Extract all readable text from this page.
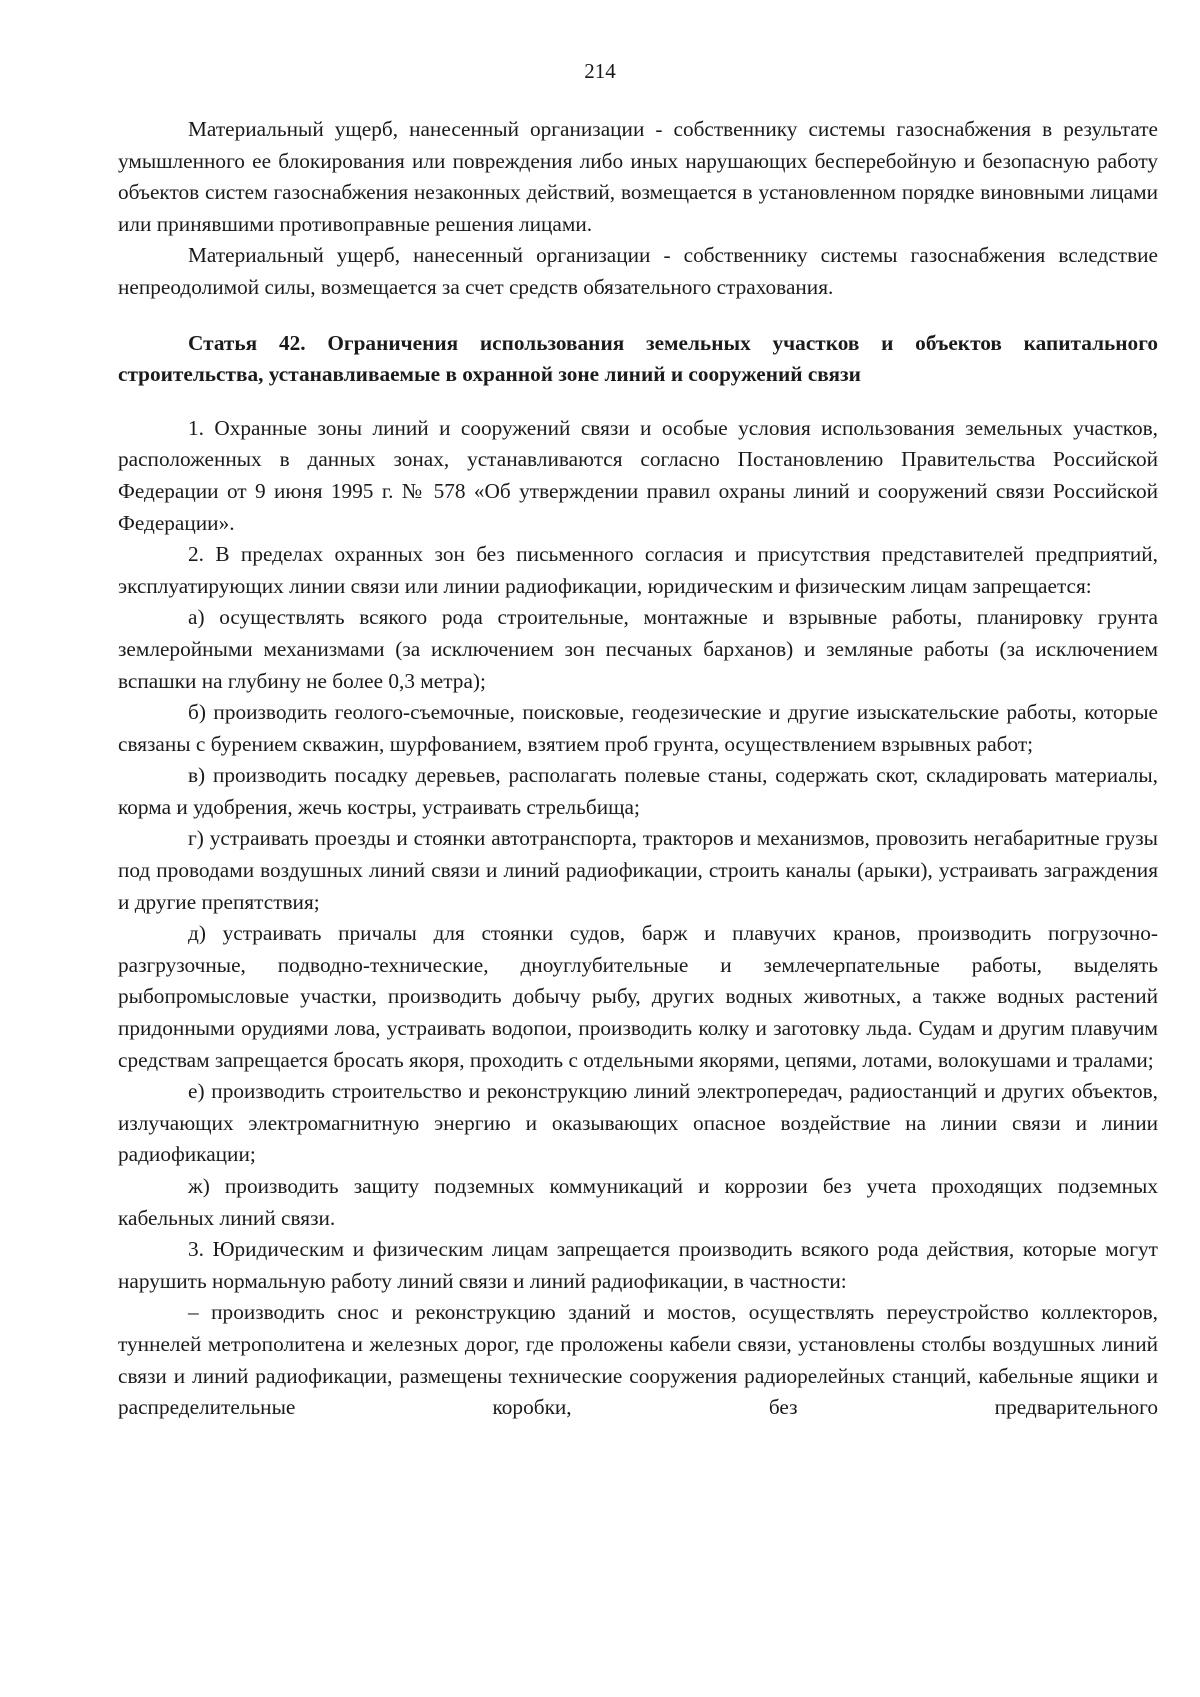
214

Материальный ущерб, нанесенный организации - собственнику системы газоснабжения в результате умышленного ее блокирования или повреждения либо иных нарушающих бесперебойную и безопасную работу объектов систем газоснабжения незаконных действий, возмещается в установленном порядке виновными лицами или принявшими противоправные решения лицами.

Материальный ущерб, нанесенный организации - собственнику системы газоснабжения вследствие непреодолимой силы, возмещается за счет средств обязательного страхования.

Статья 42. Ограничения использования земельных участков и объектов капитального строительства, устанавливаемые в охранной зоне линий и сооружений связи

1. Охранные зоны линий и сооружений связи и особые условия использования земельных участков, расположенных в данных зонах, устанавливаются согласно Постановлению Правительства Российской Федерации от 9 июня 1995 г. № 578 «Об утверждении правил охраны линий и сооружений связи Российской Федерации».

2. В пределах охранных зон без письменного согласия и присутствия представителей предприятий, эксплуатирующих линии связи или линии радиофикации, юридическим и физическим лицам запрещается:

а) осуществлять всякого рода строительные, монтажные и взрывные работы, планировку грунта землеройными механизмами (за исключением зон песчаных барханов) и земляные работы (за исключением вспашки на глубину не более 0,3 метра);

б) производить геолого-съемочные, поисковые, геодезические и другие изыскательские работы, которые связаны с бурением скважин, шурфованием, взятием проб грунта, осуществлением взрывных работ;

в) производить посадку деревьев, располагать полевые станы, содержать скот, складировать материалы, корма и удобрения, жечь костры, устраивать стрельбища;

г) устраивать проезды и стоянки автотранспорта, тракторов и механизмов, провозить негабаритные грузы под проводами воздушных линий связи и линий радиофикации, строить каналы (арыки), устраивать заграждения и другие препятствия;

д) устраивать причалы для стоянки судов, барж и плавучих кранов, производить погрузочно-разгрузочные, подводно-технические, дноуглубительные и землечерпательные работы, выделять рыбопромысловые участки, производить добычу рыбу, других водных животных, а также водных растений придонными орудиями лова, устраивать водопои, производить колку и заготовку льда. Судам и другим плавучим средствам запрещается бросать якоря, проходить с отдельными якорями, цепями, лотами, волокушами и тралами;

е) производить строительство и реконструкцию линий электропередач, радиостанций и других объектов, излучающих электромагнитную энергию и оказывающих опасное воздействие на линии связи и линии радиофикации;

ж) производить защиту подземных коммуникаций и коррозии без учета проходящих подземных кабельных линий связи.

3. Юридическим и физическим лицам запрещается производить всякого рода действия, которые могут нарушить нормальную работу линий связи и линий радиофикации, в частности:

– производить снос и реконструкцию зданий и мостов, осуществлять переустройство коллекторов, туннелей метрополитена и железных дорог, где проложены кабели связи, установлены столбы воздушных линий связи и линий радиофикации, размещены технические сооружения радиорелейных станций, кабельные ящики и распределительные коробки, без предварительного
